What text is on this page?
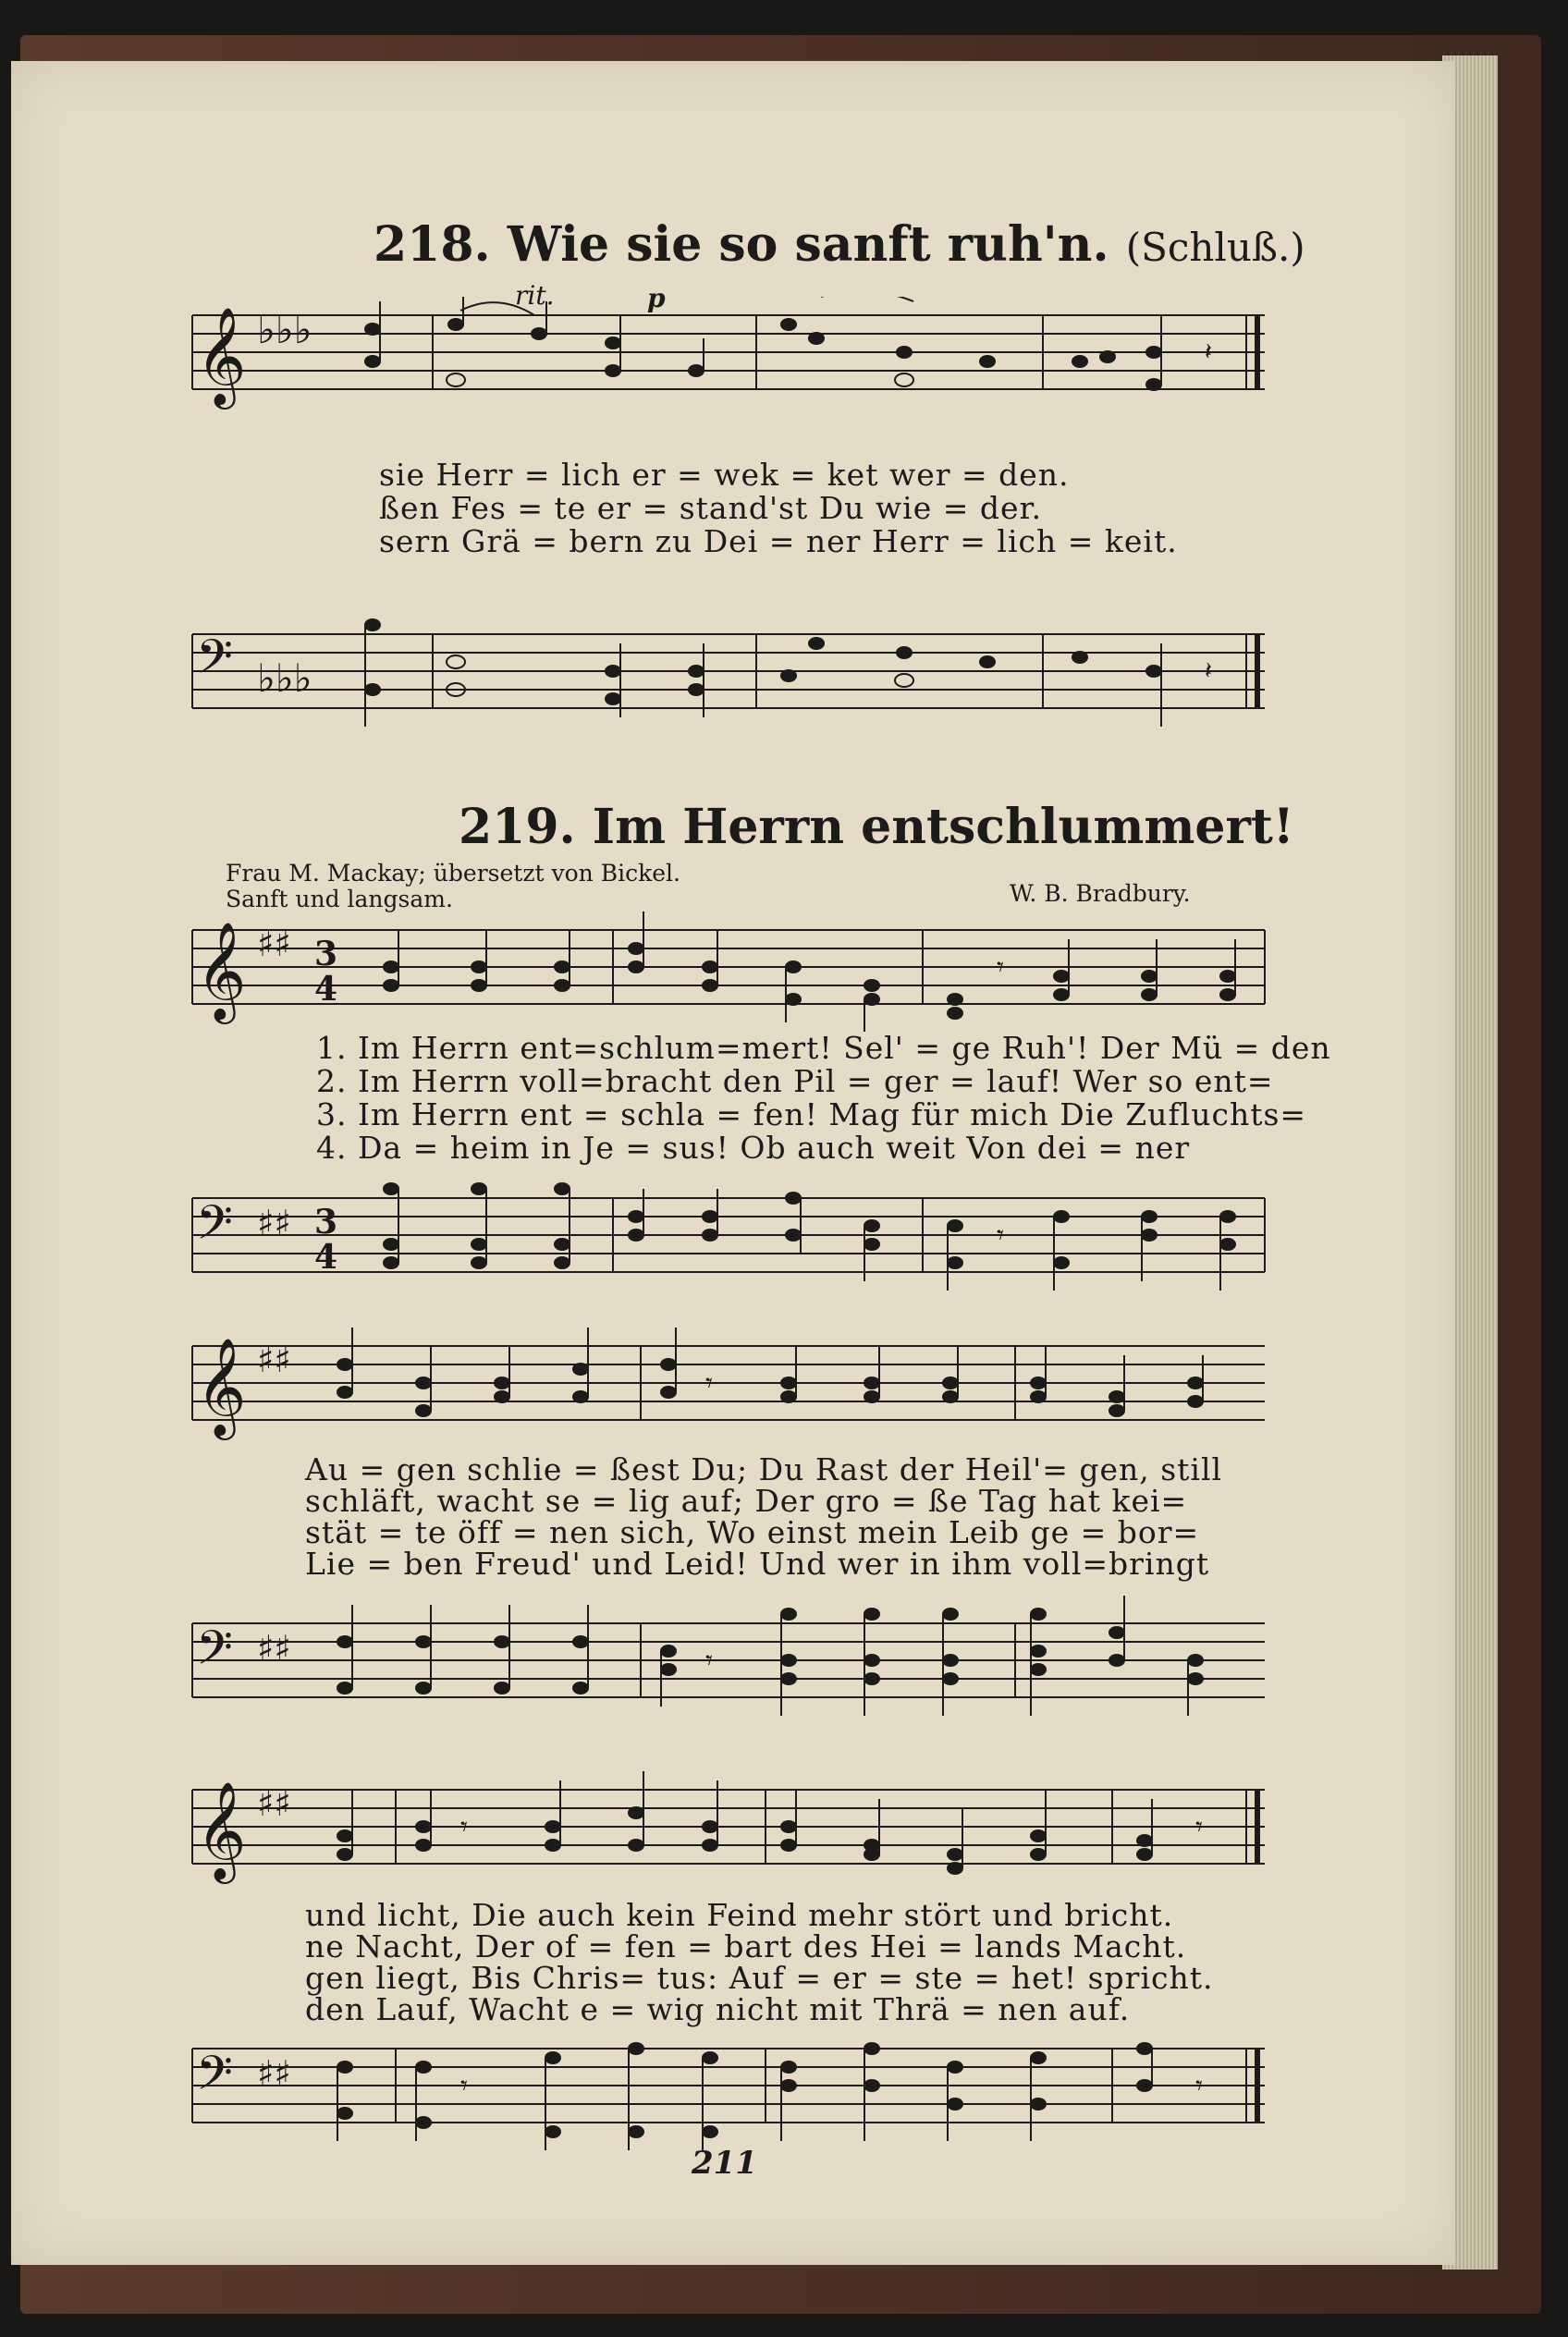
218. Wie sie so sanft ruh'n. (Schluß.)
𝄞 ♭♭♭	𝄽
rit.	p
sie Herr = lich er = wek = ket wer = den.
ßen Fes = te er = stand'st Du wie = der.
sern Grä = bern zu Dei = ner Herr = lich = keit.
𝄢 ♭♭♭	𝄽
219. Im Herrn entschlummert!
Frau M. Mackay; übersetzt von Bickel.
Sanft und langsam.	W. B. Bradbury.
𝄞 ♯♯ 3
4
𝄾
1. Im Herrn ent=schlum=mert! Sel' = ge Ruh'! Der Mü = den
2. Im Herrn voll=bracht den Pil = ger = lauf! Wer so ent=
3. Im Herrn ent = schla = fen! Mag für mich Die Zufluchts=
4. Da = heim in Je = sus! Ob auch weit Von dei = ner
𝄢 ♯♯ 3
4
𝄾
𝄞 ♯♯
𝄾
Au = gen schlie = ßest Du; Du Rast der Heil'= gen, still
schläft, wacht se = lig auf; Der gro = ße Tag hat kei=
stät = te öff = nen sich, Wo einst mein Leib ge = bor=
Lie = ben Freud' und Leid! Und wer in ihm voll=bringt
𝄢 ♯♯	𝄾
𝄞 ♯♯
𝄾	𝄾
und licht, Die auch kein Feind mehr stört und bricht.
ne Nacht, Der of = fen = bart des Hei = lands Macht.
gen liegt, Bis Chris= tus: Auf = er = ste = het! spricht.
den Lauf, Wacht e = wig nicht mit Thrä = nen auf.
𝄢 ♯♯	𝄾	𝄾
211
